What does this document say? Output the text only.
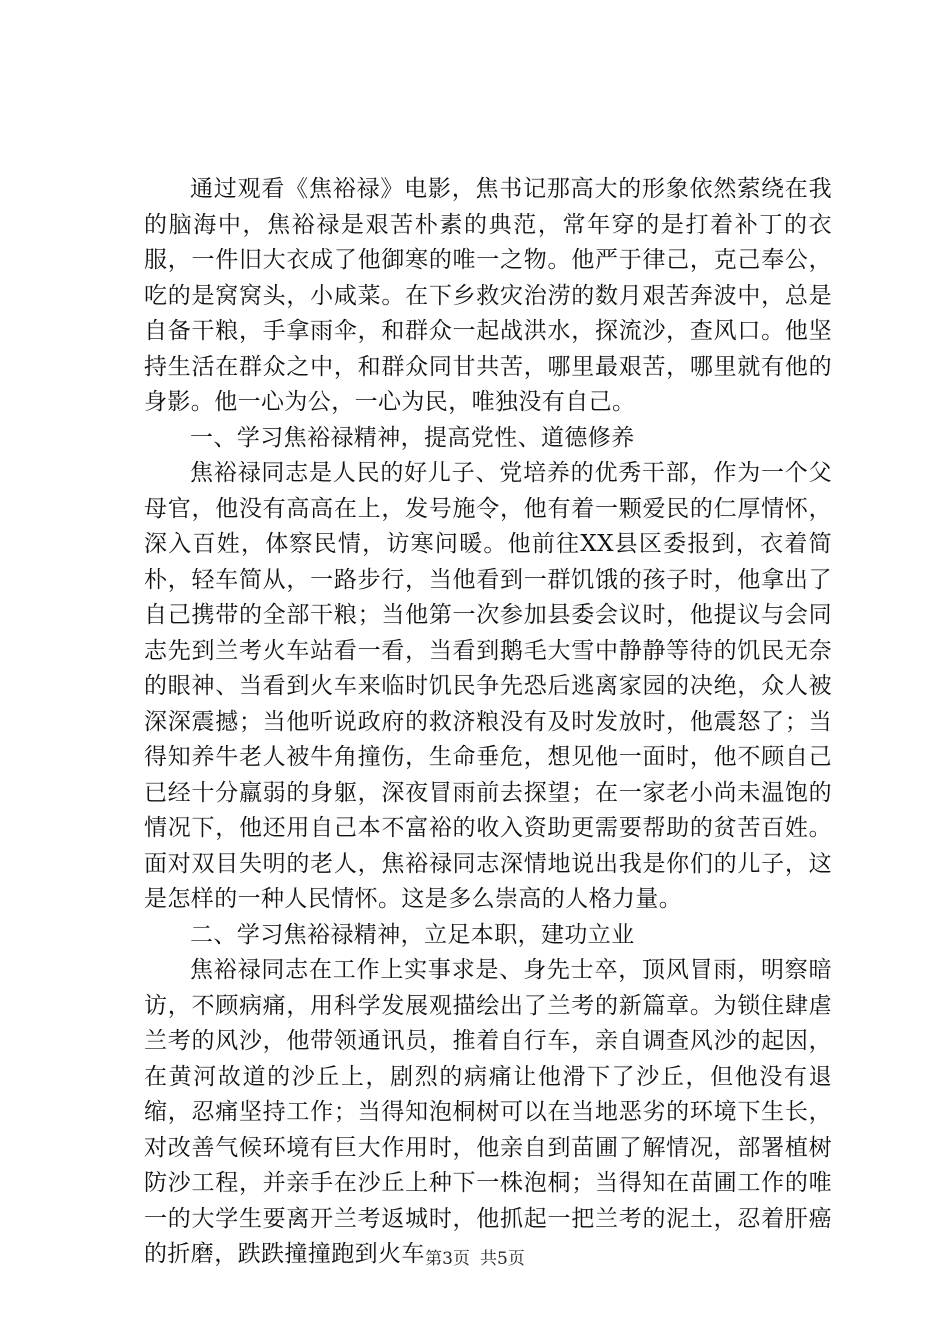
通过观看《焦裕禄》电影，焦书记那高大的形象依然萦绕在我的脑海中，焦裕禄是艰苦朴素的典范，常年穿的是打着补丁的衣服，一件旧大衣成了他御寒的唯一之物。他严于律己，克己奉公，吃的是窝窝头，小咸菜。在下乡救灾治涝的数月艰苦奔波中，总是自备干粮，手拿雨伞，和群众一起战洪水，探流沙，查风口。他坚持生活在群众之中，和群众同甘共苦，哪里最艰苦，哪里就有他的身影。他一心为公，一心为民，唯独没有自己。

一、学习焦裕禄精神，提高党性、道德修养

焦裕禄同志是人民的好儿子、党培养的优秀干部，作为一个父母官，他没有高高在上，发号施令，他有着一颗爱民的仁厚情怀，深入百姓，体察民情，访寒问暖。他前往XX县区委报到，衣着简朴，轻车简从，一路步行，当他看到一群饥饿的孩子时，他拿出了自己携带的全部干粮；当他第一次参加县委会议时，他提议与会同志先到兰考火车站看一看，当看到鹅毛大雪中静静等待的饥民无奈的眼神、当看到火车来临时饥民争先恐后逃离家园的决绝，众人被深深震撼；当他听说政府的救济粮没有及时发放时，他震怒了；当得知养牛老人被牛角撞伤，生命垂危，想见他一面时，他不顾自己已经十分羸弱的身躯，深夜冒雨前去探望；在一家老小尚未温饱的情况下，他还用自己本不富裕的收入资助更需要帮助的贫苦百姓。面对双目失明的老人，焦裕禄同志深情地说出我是你们的儿子，这是怎样的一种人民情怀。这是多么崇高的人格力量。

二、学习焦裕禄精神，立足本职，建功立业

焦裕禄同志在工作上实事求是、身先士卒，顶风冒雨，明察暗访，不顾病痛，用科学发展观描绘出了兰考的新篇章。为锁住肆虐兰考的风沙，他带领通讯员，推着自行车，亲自调查风沙的起因，在黄河故道的沙丘上，剧烈的病痛让他滑下了沙丘，但他没有退缩，忍痛坚持工作；当得知泡桐树可以在当地恶劣的环境下生长，对改善气候环境有巨大作用时，他亲自到苗圃了解情况，部署植树防沙工程，并亲手在沙丘上种下一株泡桐；当得知在苗圃工作的唯一的大学生要离开兰考返城时，他抓起一把兰考的泥土，忍着肝癌的折磨，跌跌撞撞跑到火车 第3页 共5页
